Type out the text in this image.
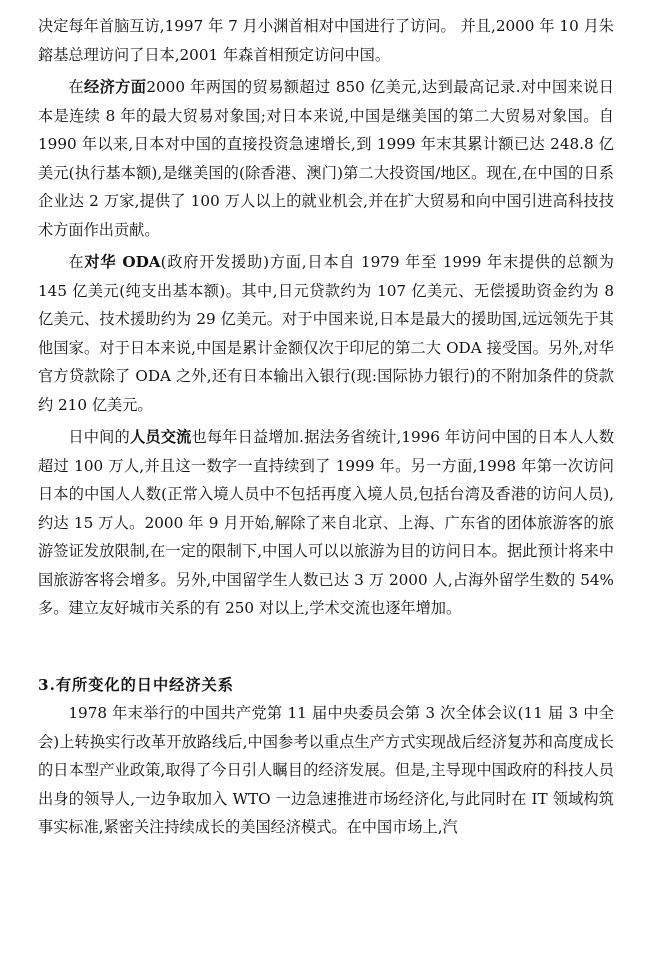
决定每年首脑互访,1997 年 7 月小渊首相对中国进行了访问。 并且,2000 年 10 月朱鎔基总理访问了日本,2001 年森首相预定访问中国。

在经济方面2000 年两国的贸易额超过 850 亿美元,达到最高记录.对中国来说日本是连续 8 年的最大贸易对象国;对日本来说,中国是继美国的第二大贸易对象国。自 1990 年以来,日本对中国的直接投资急速增长,到 1999 年末其累计额已达 248.8 亿美元(执行基本额),是继美国的(除香港、澳门)第二大投资国/地区。现在,在中国的日系企业达 2 万家,提供了 100 万人以上的就业机会,并在扩大贸易和向中国引进高科技技术方面作出贡献。

在对华 ODA(政府开发援助)方面,日本自 1979 年至 1999 年末提供的总额为 145 亿美元(纯支出基本额)。其中,日元贷款约为 107 亿美元、无偿援助资金约为 8 亿美元、技术援助约为 29 亿美元。对于中国来说,日本是最大的援助国,远远领先于其他国家。对于日本来说,中国是累计金额仅次于印尼的第二大 ODA 接受国。另外,对华官方贷款除了 ODA 之外,还有日本输出入银行(现:国际协力银行)的不附加条件的贷款约 210 亿美元。

日中间的人员交流也每年日益增加.据法务省统计,1996 年访问中国的日本人人数超过 100 万人,并且这一数字一直持续到了 1999 年。另一方面,1998 年第一次访问日本的中国人人数(正常入境人员中不包括再度入境人员,包括台湾及香港的访问人员),约达 15 万人。2000 年 9 月开始,解除了来自北京、上海、广东省的团体旅游客的旅游签证发放限制,在一定的限制下,中国人可以以旅游为目的访问日本。据此预计将来中国旅游客将会增多。另外,中国留学生人数已达 3 万 2000 人,占海外留学生数的 54%多。建立友好城市关系的有 250 对以上,学术交流也逐年增加。

3.有所变化的日中经济关系

1978 年末举行的中国共产党第 11 届中央委员会第 3 次全体会议(11 届 3 中全会)上转换实行改革开放路线后,中国参考以重点生产方式实现战后经济复苏和高度成长的日本型产业政策,取得了今日引人瞩目的经济发展。但是,主导现中国政府的科技人员出身的领导人,一边争取加入 WTO 一边急速推进市场经济化,与此同时在 IT 领域构筑事实标准,紧密关注持续成长的美国经济模式。在中国市场上,汽
